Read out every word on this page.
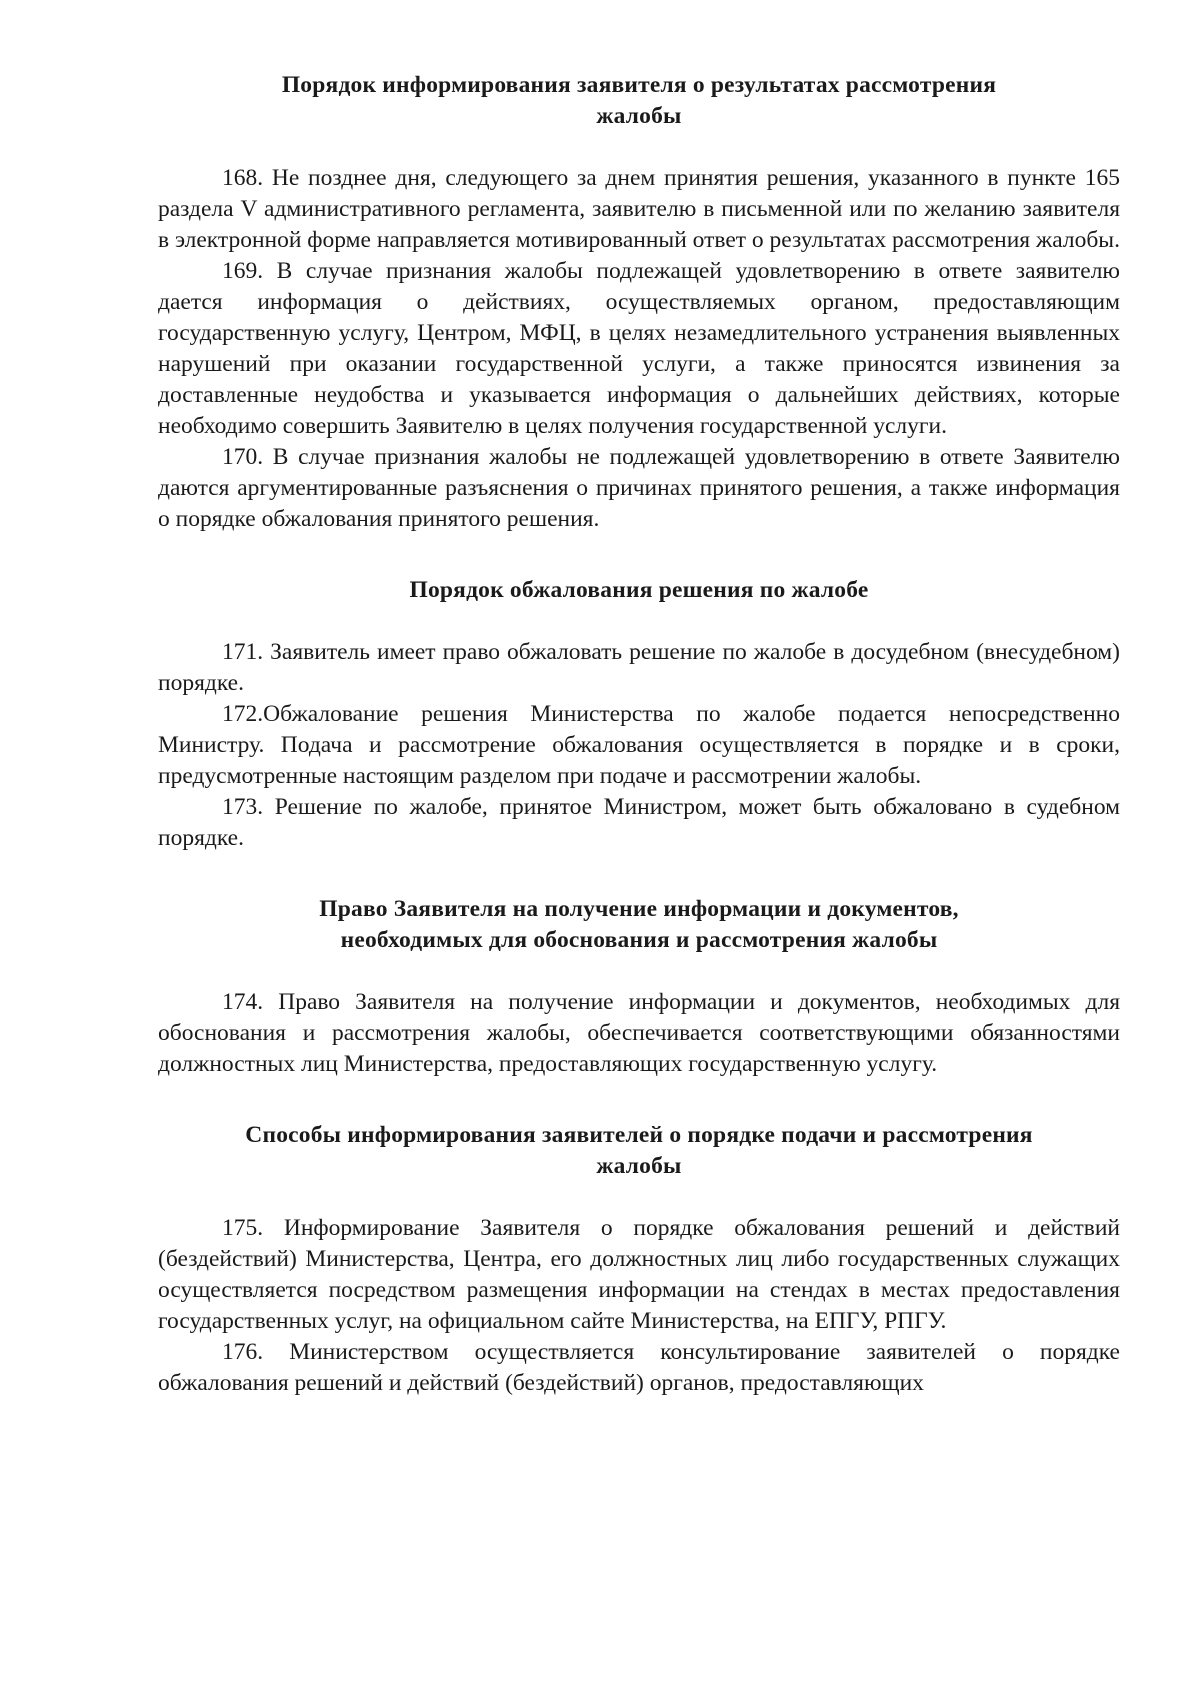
Порядок информирования заявителя о результатах рассмотрения
жалобы

168. Не позднее дня, следующего за днем принятия решения, указанного в пункте 165 раздела V административного регламента, заявителю в письменной или по желанию заявителя в электронной форме направляется мотивированный ответ о результатах рассмотрения жалобы.

169. В случае признания жалобы подлежащей удовлетворению в ответе заявителю дается информация о действиях, осуществляемых органом, предоставляющим государственную услугу, Центром, МФЦ, в целях незамедлительного устранения выявленных нарушений при оказании государственной услуги, а также приносятся извинения за доставленные неудобства и указывается информация о дальнейших действиях, которые необходимо совершить Заявителю в целях получения государственной услуги.

170. В случае признания жалобы не подлежащей удовлетворению в ответе Заявителю даются аргументированные разъяснения о причинах принятого решения, а также информация о порядке обжалования принятого решения.

Порядок обжалования решения по жалобе

171. Заявитель имеет право обжаловать решение по жалобе в досудебном (внесудебном) порядке.

172.Обжалование решения Министерства по жалобе подается непосредственно Министру. Подача и рассмотрение обжалования осуществляется в порядке и в сроки, предусмотренные настоящим разделом при подаче и рассмотрении жалобы.

173. Решение по жалобе, принятое Министром, может быть обжаловано в судебном порядке.

Право Заявителя на получение информации и документов,
необходимых для обоснования и рассмотрения жалобы

174. Право Заявителя на получение информации и документов, необходимых для обоснования и рассмотрения жалобы, обеспечивается соответствующими обязанностями должностных лиц Министерства, предоставляющих государственную услугу.

Способы информирования заявителей о порядке подачи и рассмотрения
жалобы

175. Информирование Заявителя о порядке обжалования решений и действий (бездействий) Министерства, Центра, его должностных лиц либо государственных служащих осуществляется посредством размещения информации на стендах в местах предоставления государственных услуг, на официальном сайте Министерства, на ЕПГУ, РПГУ.

176. Министерством осуществляется консультирование заявителей о порядке обжалования решений и действий (бездействий) органов, предоставляющих
